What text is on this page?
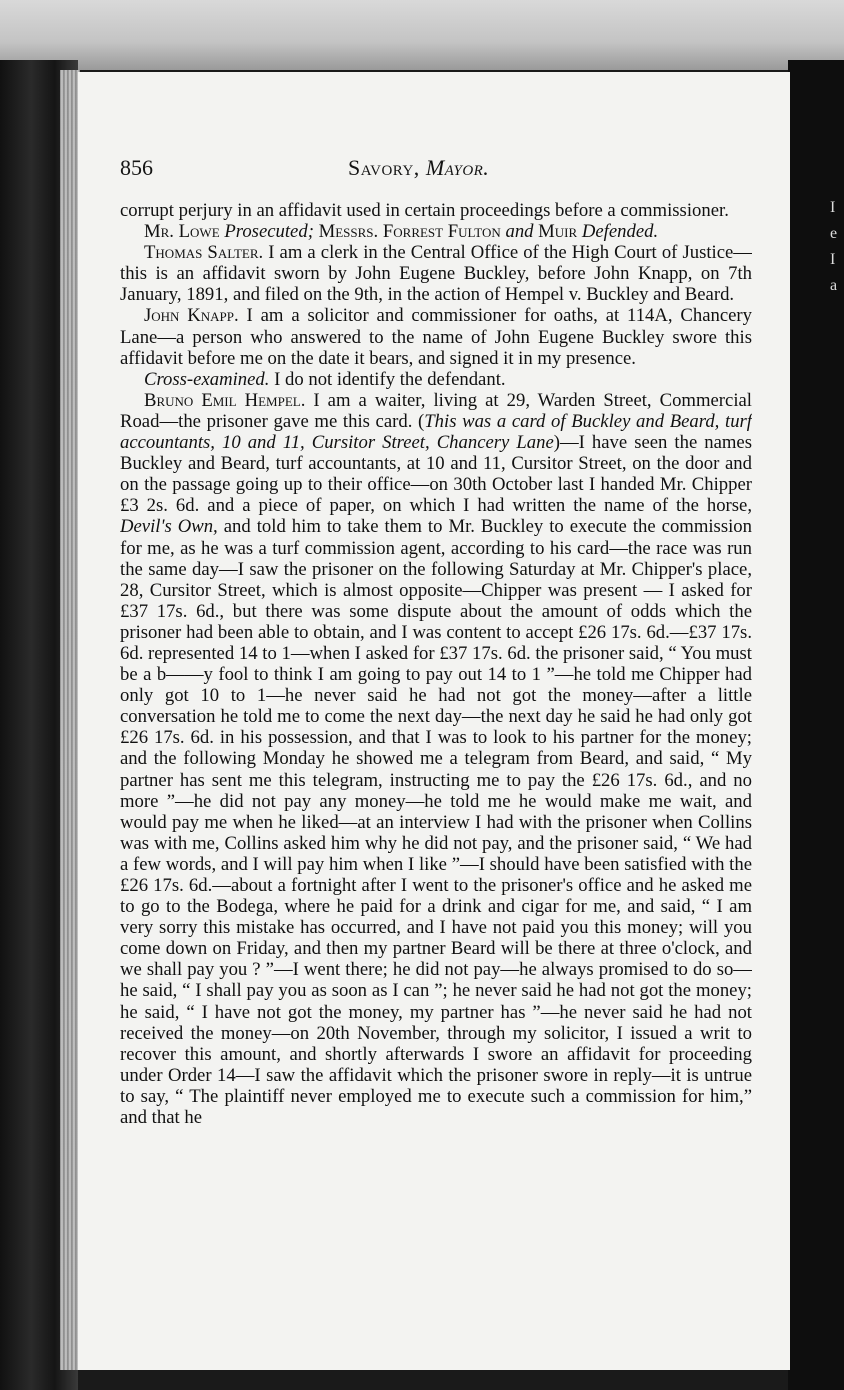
856	Savory, Mayor.

corrupt perjury in an affidavit used in certain proceedings before a commissioner.

Mr. Lowe Prosecuted; Messrs. Forrest Fulton and Muir Defended.

Thomas Salter. I am a clerk in the Central Office of the High Court of Justice—this is an affidavit sworn by John Eugene Buckley, before John Knapp, on 7th January, 1891, and filed on the 9th, in the action of Hempel v. Buckley and Beard.

John Knapp. I am a solicitor and commissioner for oaths, at 114A, Chancery Lane—a person who answered to the name of John Eugene Buckley swore this affidavit before me on the date it bears, and signed it in my presence.

Cross-examined. I do not identify the defendant.

Bruno Emil Hempel. I am a waiter, living at 29, Warden Street, Commercial Road—the prisoner gave me this card. (This was a card of Buckley and Beard, turf accountants, 10 and 11, Cursitor Street, Chancery Lane)—I have seen the names Buckley and Beard, turf accountants, at 10 and 11, Cursitor Street, on the door and on the passage going up to their office—on 30th October last I handed Mr. Chipper £3 2s. 6d. and a piece of paper, on which I had written the name of the horse, Devil's Own, and told him to take them to Mr. Buckley to execute the commission for me, as he was a turf commission agent, according to his card—the race was run the same day—I saw the prisoner on the following Saturday at Mr. Chipper's place, 28, Cursitor Street, which is almost opposite—Chipper was present — I asked for £37 17s. 6d., but there was some dispute about the amount of odds which the prisoner had been able to obtain, and I was content to accept £26 17s. 6d.—£37 17s. 6d. represented 14 to 1—when I asked for £37 17s. 6d. the prisoner said, “ You must be a b——y fool to think I am going to pay out 14 to 1 ”—he told me Chipper had only got 10 to 1—he never said he had not got the money—after a little conversation he told me to come the next day—the next day he said he had only got £26 17s. 6d. in his possession, and that I was to look to his partner for the money; and the following Monday he showed me a telegram from Beard, and said, “ My partner has sent me this telegram, instructing me to pay the £26 17s. 6d., and no more ”—he did not pay any money—he told me he would make me wait, and would pay me when he liked—at an interview I had with the prisoner when Collins was with me, Collins asked him why he did not pay, and the prisoner said, “ We had a few words, and I will pay him when I like ”—I should have been satisfied with the £26 17s. 6d.—about a fortnight after I went to the prisoner's office and he asked me to go to the Bodega, where he paid for a drink and cigar for me, and said, “ I am very sorry this mistake has occurred, and I have not paid you this money; will you come down on Friday, and then my partner Beard will be there at three o'clock, and we shall pay you ? ”—I went there; he did not pay—he always promised to do so—he said, “ I shall pay you as soon as I can ”; he never said he had not got the money; he said, “ I have not got the money, my partner has ”—he never said he had not received the money—on 20th November, through my solicitor, I issued a writ to recover this amount, and shortly afterwards I swore an affidavit for proceeding under Order 14—I saw the affidavit which the prisoner swore in reply—it is untrue to say, “ The plaintiff never employed me to execute such a commission for him,” and that he

I
e
I
a
